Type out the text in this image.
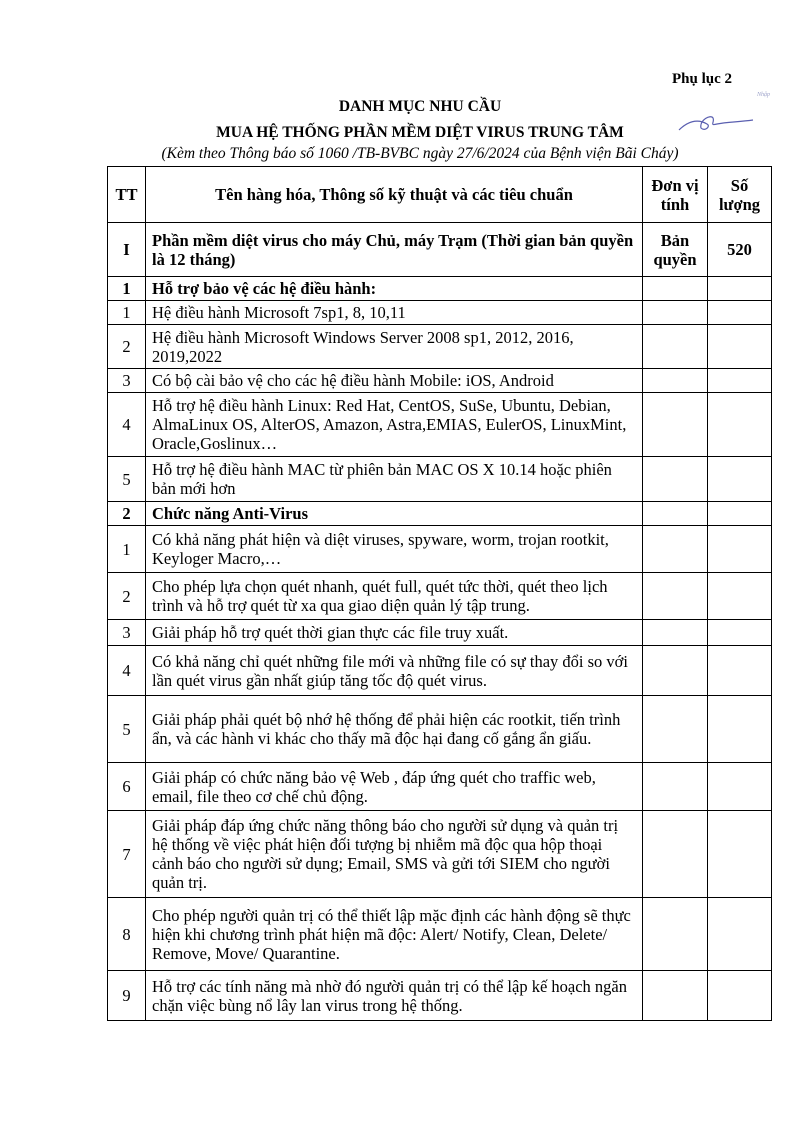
Phụ lục 2
Nhập
DANH MỤC NHU CẦU
MUA HỆ THỐNG PHẦN MỀM DIỆT VIRUS TRUNG TÂM
(Kèm theo Thông báo số 1060 /TB-BVBC ngày 27/6/2024 của Bệnh viện Bãi Cháy)
TT	Tên hàng hóa, Thông số kỹ thuật và các tiêu chuẩn	Đơn vị tính	Số lượng
I	Phần mềm diệt virus cho máy Chủ, máy Trạm (Thời gian bản quyền là 12 tháng)	Bản quyền	520
1	Hỗ trợ bảo vệ các hệ điều hành:		
1	Hệ điều hành Microsoft 7sp1, 8, 10,11		
2	Hệ điều hành Microsoft Windows Server 2008 sp1, 2012, 2016, 2019,2022		
3	Có bộ cài bảo vệ cho các hệ điều hành Mobile: iOS, Android		
4	Hỗ trợ hệ điều hành Linux: Red Hat, CentOS, SuSe, Ubuntu, Debian, AlmaLinux OS, AlterOS, Amazon, Astra,EMIAS, EulerOS, LinuxMint, Oracle,Goslinux…		
5	Hỗ trợ hệ điều hành MAC từ phiên bản MAC OS X 10.14 hoặc phiên bản mới hơn		
2	Chức năng Anti-Virus		
1	Có khả năng phát hiện và diệt viruses, spyware, worm, trojan rootkit, Keyloger Macro,…		
2	Cho phép lựa chọn quét nhanh, quét full, quét tức thời, quét theo lịch trình và hỗ trợ quét từ xa qua giao diện quản lý tập trung.		
3	Giải pháp hỗ trợ quét thời gian thực các file truy xuất.		
4	Có khả năng chỉ quét những file mới và những file có sự thay đổi so với lần quét virus gần nhất giúp tăng tốc độ quét virus.		
5	Giải pháp phải quét bộ nhớ hệ thống để phải hiện các rootkit, tiến trình ẩn, và các hành vi khác cho thấy mã độc hại đang cố gắng ẩn giấu.		
6	Giải pháp có chức năng bảo vệ Web , đáp ứng quét cho traffic web, email, file theo cơ chế chủ động.		
7	Giải pháp đáp ứng chức năng thông báo cho người sử dụng và quản trị hệ thống về việc phát hiện đối tượng bị nhiễm mã độc qua hộp thoại cảnh báo cho người sử dụng; Email, SMS và gửi tới SIEM cho người quản trị.		
8	Cho phép người quản trị có thể thiết lập mặc định các hành động sẽ thực hiện khi chương trình phát hiện mã độc: Alert/ Notify, Clean, Delete/ Remove, Move/ Quarantine.		
9	Hỗ trợ các tính năng mà nhờ đó người quản trị có thể lập kế hoạch ngăn chặn việc bùng nổ lây lan virus trong hệ thống.		
